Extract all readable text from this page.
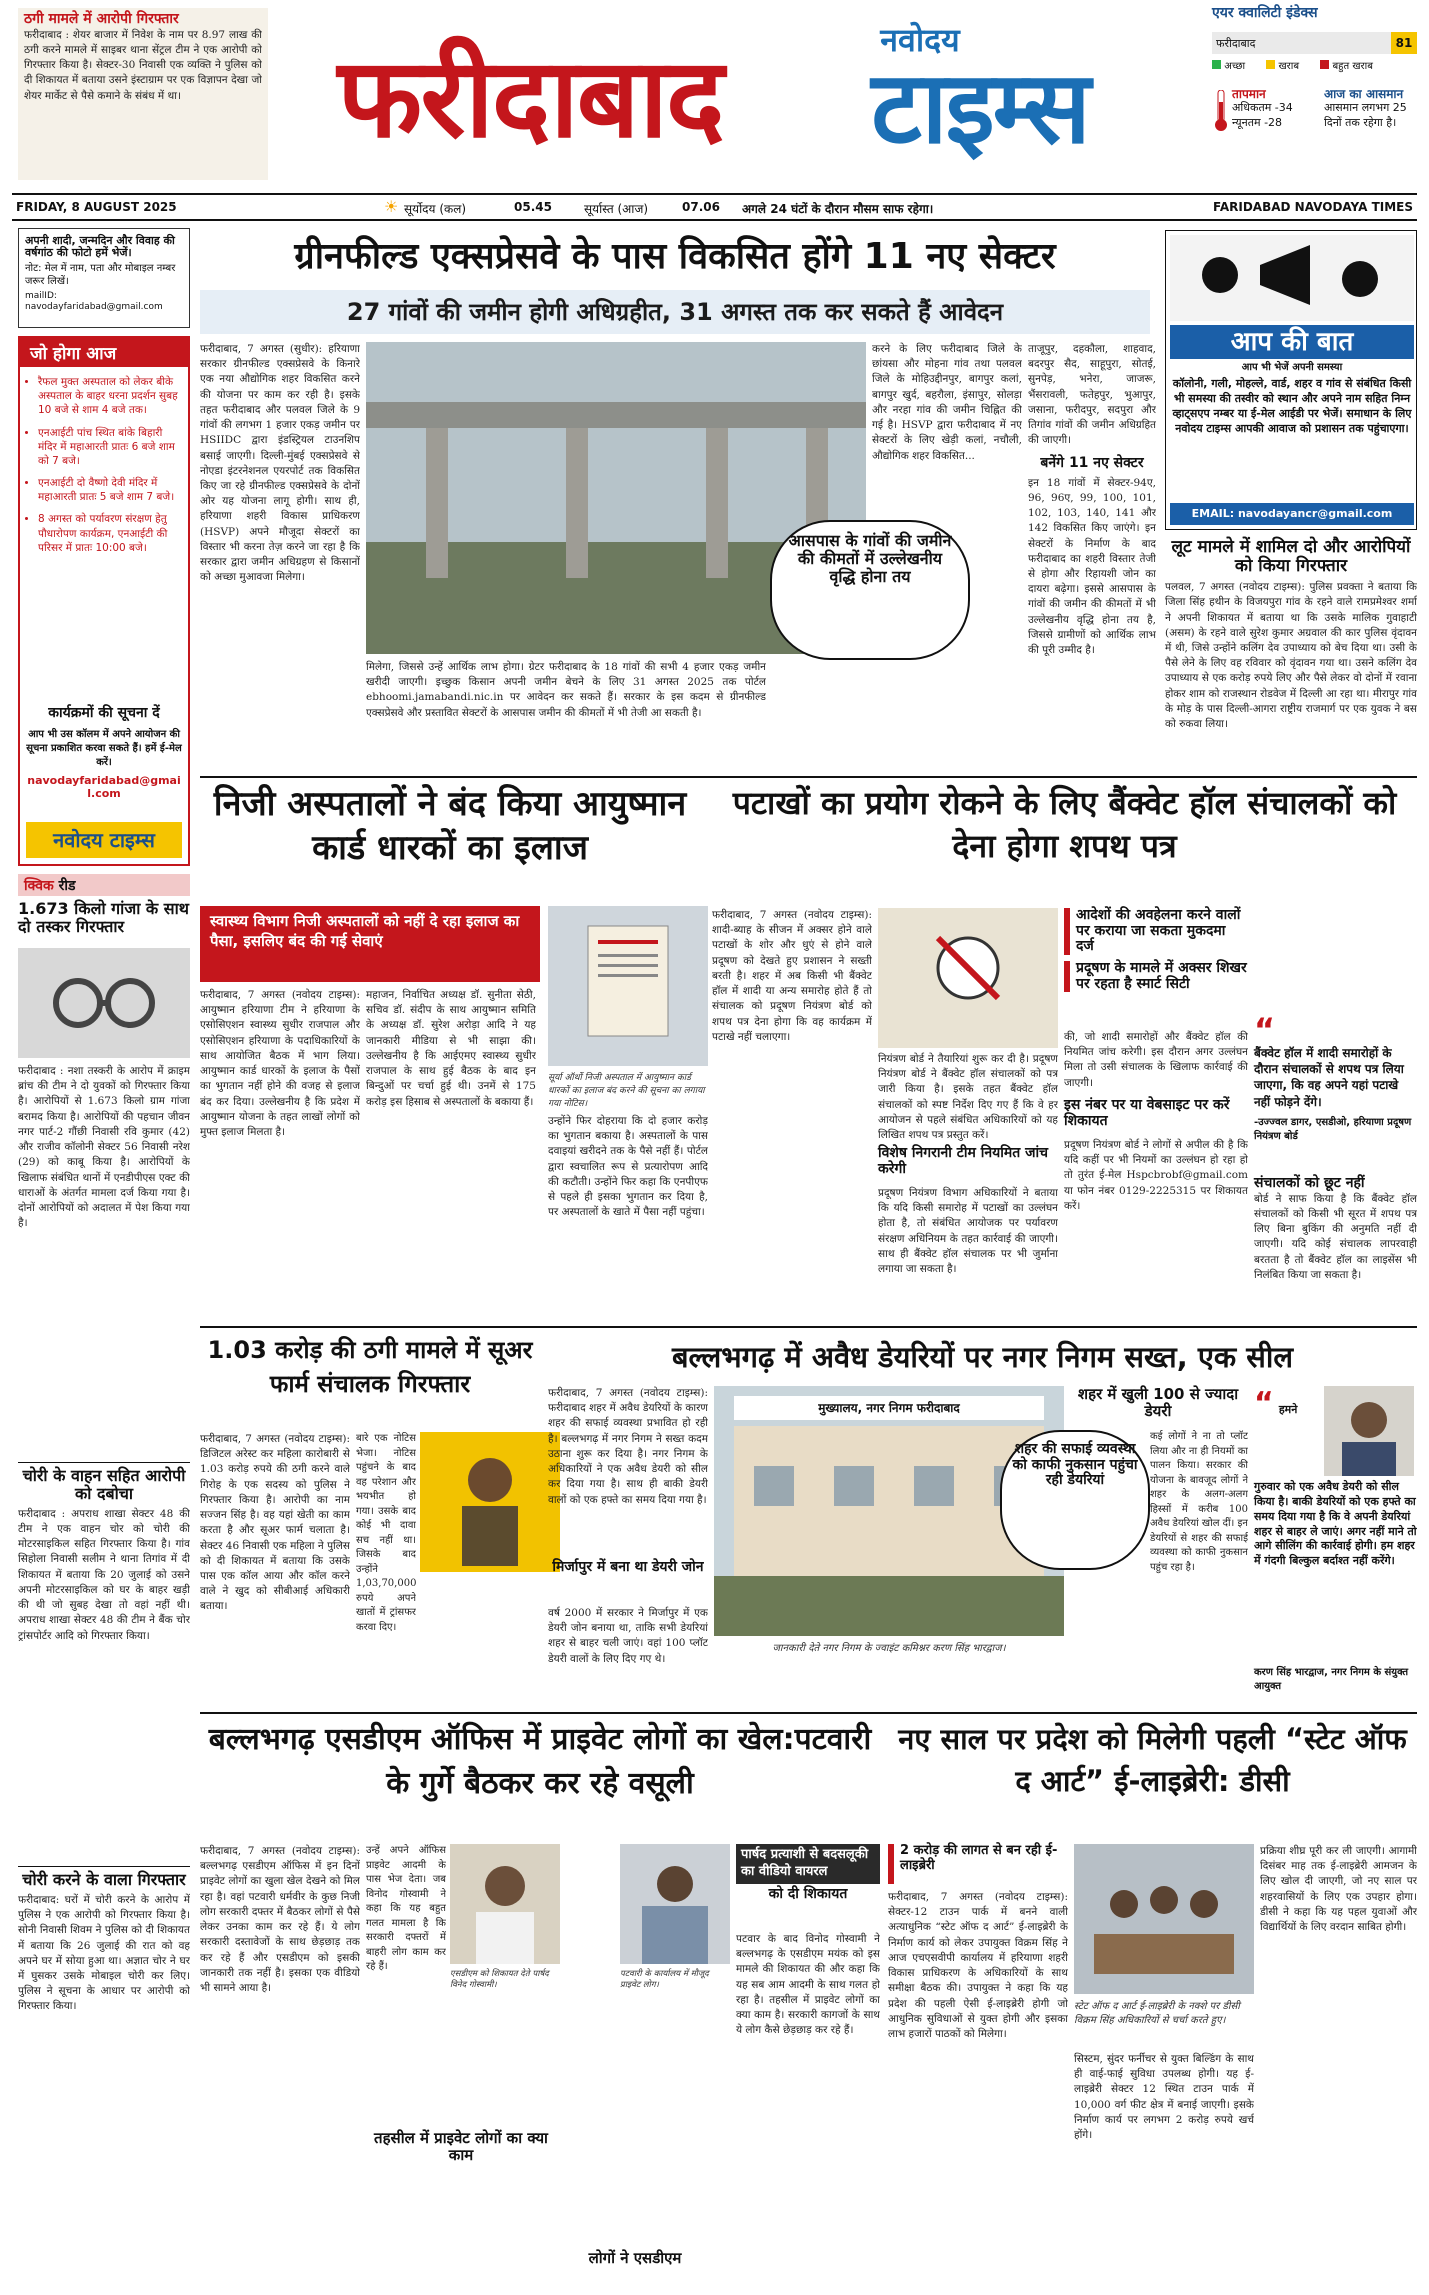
ठगी मामले में आरोपी गिरफ्तार
फरीदाबाद : शेयर बाजार में निवेश के नाम पर 8.97 लाख की ठगी करने मामले में साइबर थाना सेंट्रल टीम ने एक आरोपी को गिरफ्तार किया है। सेक्टर-30 निवासी एक व्यक्ति ने पुलिस को दी शिकायत में बताया उसने इंस्टाग्राम पर एक विज्ञापन देखा जो शेयर मार्केट से पैसे कमाने के संबंध में था।	फरीदाबाद	नवोदय
टाइम्स
एयर क्वालिटी इंडेक्स
फरीदाबाद	81
अच्छा	खराब	बहुत खराब
तापमान
अधिकतम -34
न्यूनतम -28
आज का आसमान
आसमान लगभग 25 दिनों तक रहेगा है।
FRIDAY, 8 AUGUST 2025	☀ सूर्योदय (कल)	05.45	सूर्यास्त (आज)	07.06 अगले 24 घंटों के दौरान मौसम साफ रहेगा।	FARIDABAD NAVODAYA TIMES
अपनी शादी, जन्मदिन और विवाह की वर्षगांठ की फोटो हमें भेजें।
नोट: मेल में नाम, पता और मोबाइल नम्बर जरूर लिखें।
mailID: navodayfaridabad@gmail.com
जो होगा आज
• रैफल मुक्त अस्पताल को लेकर बीके अस्पताल के बाहर धरना प्रदर्शन सुबह 10 बजे से शाम 4 बजे तक।
• एनआईटी पांच स्थित बांके बिहारी मंदिर में महाआरती प्रातः 6 बजे शाम को 7 बजे।
• एनआईटी दो वैष्णो देवी मंदिर में महाआरती प्रातः 5 बजे शाम 7 बजे।
• 8 अगस्त को पर्यावरण संरक्षण हेतु पौधारोपण कार्यक्रम, एनआईटी की परिसर में प्रातः 10:00 बजे।
कार्यक्रमों की सूचना दें
आप भी उस कॉलम में अपने आयोजन की सूचना प्रकाशित करवा सकते हैं। हमें ई-मेल करें।
navodayfaridabad@gmail.com
नवोदय टाइम्स
क्विक रीड
1.673 किलो गांजा के साथ दो तस्कर गिरफ्तार
फरीदाबाद : नशा तस्करी के आरोप में क्राइम ब्रांच की टीम ने दो युवकों को गिरफ्तार किया है। आरोपियों से 1.673 किलो ग्राम गांजा बरामद किया है। आरोपियों की पहचान जीवन नगर पार्ट-2 गौंछी निवासी रवि कुमार (42) और राजीव कॉलोनी सेक्टर 56 निवासी नरेश (29) को काबू किया है। आरोपियों के खिलाफ संबंधित थानों में एनडीपीएस एक्ट की धाराओं के अंतर्गत मामला दर्ज किया गया है। दोनों आरोपियों को अदालत में पेश किया गया है।
चोरी के वाहन सहित आरोपी को दबोचा
फरीदाबाद : अपराध शाखा सेक्टर 48 की टीम ने एक वाहन चोर को चोरी की मोटरसाइकिल सहित गिरफ्तार किया है। गांव सिहोला निवासी सलीम ने थाना तिगांव में दी शिकायत में बताया कि 20 जुलाई को उसने अपनी मोटरसाइकिल को घर के बाहर खड़ी की थी जो सुबह देखा तो वहां नहीं थी। अपराध शाखा सेक्टर 48 की टीम ने बैंक चोर ट्रांसपोर्टर आदि को गिरफ्तार किया।
चोरी करने के वाला गिरफ्तार
फरीदाबाद: घरों में चोरी करने के आरोप में पुलिस ने एक आरोपी को गिरफ्तार किया है। सोनी निवासी शिवम ने पुलिस को दी शिकायत में बताया कि 26 जुलाई की रात को वह अपने घर में सोया हुआ था। अज्ञात चोर ने घर में घुसकर उसके मोबाइल चोरी कर लिए। पुलिस ने सूचना के आधार पर आरोपी को गिरफ्तार किया।
ग्रीनफील्ड एक्सप्रेसवे के पास विकसित होंगे 11 नए सेक्टर
27 गांवों की जमीन होगी अधिग्रहीत, 31 अगस्त तक कर सकते हैं आवेदन
फरीदाबाद, 7 अगस्त (सुधीर): हरियाणा सरकार ग्रीनफील्ड एक्सप्रेसवे के किनारे एक नया औद्योगिक शहर विकसित करने की योजना पर काम कर रही है। इसके तहत फरीदाबाद और पलवल जिले के 9 गांवों की लगभग 1 हजार एकड़ जमीन पर HSIIDC द्वारा इंडस्ट्रियल टाउनशिप बसाई जाएगी। दिल्ली-मुंबई एक्सप्रेसवे से नोएडा इंटरनेशनल एयरपोर्ट तक विकसित किए जा रहे ग्रीनफील्ड एक्सप्रेसवे के दोनों ओर यह योजना लागू होगी। साथ ही, हरियाणा शहरी विकास प्राधिकरण (HSVP) अपने मौजूदा सेक्टरों का विस्तार भी करना तेज़ करने जा रहा है कि सरकार द्वारा जमीन अधिग्रहण से किसानों को अच्छा मुआवजा मिलेगा।
आसपास के गांवों की जमीन की कीमतों में उल्लेखनीय वृद्धि होना तय
मिलेगा, जिससे उन्हें आर्थिक लाभ होगा। ग्रेटर फरीदाबाद के 18 गांवों की सभी 4 हजार एकड़ जमीन खरीदी जाएगी। इच्छुक किसान अपनी जमीन बेचने के लिए 31 अगस्त 2025 तक पोर्टल ebhoomi.jamabandi.nic.in पर आवेदन कर सकते हैं। सरकार के इस कदम से ग्रीनफील्ड एक्सप्रेसवे और प्रस्तावित सेक्टरों के आसपास जमीन की कीमतों में भी तेजी आ सकती है।
करने के लिए फरीदाबाद जिले के छांयसा और मोहना गांव तथा पलवल जिले के मोहिउद्दीनपुर, बागपुर कलां, बागपुर खुर्द, बहरौला, इंसापुर, सोलड़ा और नरहा गांव की जमीन चिह्नित की गई है। HSVP द्वारा फरीदाबाद में नए सेक्टरों के लिए खेड़ी कलां, नचौली, औद्योगिक शहर विकसित...
ताजूपुर, दहकौला, शाहवाद, बदरपुर सैद, साहूपुरा, सोतई, सुनपेड़, भनेरा, जाजरू, भैंसरावली, फतेहपुर, भुआपुर, जसाना, फरीदपुर, सदपुरा और तिगांव गांवों की जमीन अधिग्रहित की जाएगी।
बनेंगे 11 नए सेक्टर
इन 18 गांवों में सेक्टर-94ए, 96, 96ए, 99, 100, 101, 102, 103, 140, 141 और 142 विकसित किए जाएंगे। इन सेक्टरों के निर्माण के बाद फरीदाबाद का शहरी विस्तार तेजी से होगा और रिहायशी जोन का दायरा बढ़ेगा। इससे आसपास के गांवों की जमीन की कीमतों में भी उल्लेखनीय वृद्धि होना तय है, जिससे ग्रामीणों को आर्थिक लाभ की पूरी उम्मीद है।
आप की बात
आप भी भेजें अपनी समस्या
कॉलोनी, गली, मोहल्ले, वार्ड, शहर व गांव से संबंधित किसी भी समस्या की तस्वीर को स्थान और अपने नाम सहित निम्न व्हाट्सएप नम्बर या ई-मेल आईडी पर भेजें। समाधान के लिए नवोदय टाइम्स आपकी आवाज को प्रशासन तक पहुंचाएगा।
EMAIL: navodayancr@gmail.com
लूट मामले में शामिल दो और आरोपियों को किया गिरफ्तार
पलवल, 7 अगस्त (नवोदय टाइम्स): पुलिस प्रवक्ता ने बताया कि जिला सिंह हथीन के विजयपुरा गांव के रहने वाले रामप्रमेश्वर शर्मा ने अपनी शिकायत में बताया था कि उसके मालिक गुवाहाटी (असम) के रहने वाले सुरेश कुमार अग्रवाल की कार पुलिस वृंदावन में थी, जिसे उन्होंने कलिंग देव उपाध्याय को बेच दिया था। उसी के पैसे लेने के लिए वह रविवार को वृंदावन गया था। उसने कलिंग देव उपाध्याय से एक करोड़ रुपये लिए और पैसे लेकर वो दोनों में रवाना होकर शाम को राजस्थान रोडवेज में दिल्ली आ रहा था। मीरापुर गांव के मोड़ के पास दिल्ली-आगरा राष्ट्रीय राजमार्ग पर एक युवक ने बस को रुकवा लिया।
निजी अस्पतालों ने बंद किया आयुष्मान कार्ड धारकों का इलाज
स्वास्थ्य विभाग निजी अस्पतालों को नहीं दे रहा इलाज का पैसा, इसलिए बंद की गई सेवाएं
फरीदाबाद, 7 अगस्त (नवोदय टाइम्स): आयुष्मान हरियाणा टीम ने हरियाणा के एसोसिएशन स्वास्थ्य सुधीर राजपाल और एसोसिएशन हरियाणा के पदाधिकारियों के साथ आयोजित बैठक में भाग लिया। आयुष्मान कार्ड धारकों के इलाज के पैसों का भुगतान नहीं होने की वजह से इलाज बंद कर दिया। उल्लेखनीय है कि प्रदेश में आयुष्मान योजना के तहत लाखों लोगों को मुफ्त इलाज मिलता है।
महाजन, निर्वाचित अध्यक्ष डॉ. सुनीता सेठी, सचिव डॉ. संदीप के साथ आयुष्मान समिति के अध्यक्ष डॉ. सुरेश अरोड़ा आदि ने यह जानकारी मीडिया से भी साझा की। उल्लेखनीय है कि आईएमए स्वास्थ्य सुधीर राजपाल के साथ हुई बैठक के बाद इन बिन्दुओं पर चर्चा हुई थी। उनमें से 175 करोड़ इस हिसाब से अस्पतालों के बकाया हैं।
सूर्या ऑर्थो निजी अस्पताल में आयुष्मान कार्ड धारकों का इलाज बंद करने की सूचना का लगाया गया नोटिस।
उन्होंने फिर दोहराया कि दो हजार करोड़ का भुगतान बकाया है। अस्पतालों के पास दवाइयां खरीदने तक के पैसे नहीं हैं। पोर्टल द्वारा स्वचालित रूप से प्रत्यारोपण आदि की कटौती। उन्होंने फिर कहा कि एनपीएफ से पहले ही इसका भुगतान कर दिया है, पर अस्पतालों के खाते में पैसा नहीं पहुंचा।
पटाखों का प्रयोग रोकने के लिए बैंक्वेट हॉल संचालकों को देना होगा शपथ पत्र
फरीदाबाद, 7 अगस्त (नवोदय टाइम्स): शादी-ब्याह के सीजन में अक्सर होने वाले पटाखों के शोर और धुएं से होने वाले प्रदूषण को देखते हुए प्रशासन ने सख्ती बरती है। शहर में अब किसी भी बैंक्वेट हॉल में शादी या अन्य समारोह होते हैं तो संचालक को प्रदूषण नियंत्रण बोर्ड को शपथ पत्र देना होगा कि वह कार्यक्रम में पटाखे नहीं चलाएगा।
नियंत्रण बोर्ड ने तैयारियां शुरू कर दी है। प्रदूषण नियंत्रण बोर्ड ने बैंक्वेट हॉल संचालकों को पत्र जारी किया है। इसके तहत बैंक्वेट हॉल संचालकों को स्पष्ट निर्देश दिए गए हैं कि वे हर आयोजन से पहले संबंधित अधिकारियों को यह लिखित शपथ पत्र प्रस्तुत करें।
विशेष निगरानी टीम नियमित जांच करेगी
प्रदूषण नियंत्रण विभाग अधिकारियों ने बताया कि यदि किसी समारोह में पटाखों का उल्लंघन होता है, तो संबंधित आयोजक पर पर्यावरण संरक्षण अधिनियम के तहत कार्रवाई की जाएगी। साथ ही बैंक्वेट हॉल संचालक पर भी जुर्माना लगाया जा सकता है।
आदेशों की अवहेलना करने वालों पर कराया जा सकता मुकदमा दर्ज
प्रदूषण के मामले में अक्सर शिखर पर रहता है स्मार्ट सिटी
की, जो शादी समारोहों और बैंक्वेट हॉल की नियमित जांच करेगी। इस दौरान अगर उल्लंघन मिला तो उसी संचालक के खिलाफ कार्रवाई की जाएगी।
इस नंबर पर या वेबसाइट पर करें शिकायत
प्रदूषण नियंत्रण बोर्ड ने लोगों से अपील की है कि यदि कहीं पर भी नियमों का उल्लंघन हो रहा हो तो तुरंत ई-मेल Hspcbrobf@gmail.com या फोन नंबर 0129-2225315 पर शिकायत करें।
“
बैंक्वेट हॉल में शादी समारोहों के दौरान संचालकों से शपथ पत्र लिया जाएगा, कि वह अपने यहां पटाखे नहीं फोड़ने देंगे।
-उज्ज्वल डागर, एसडीओ, हरियाणा प्रदूषण नियंत्रण बोर्ड
संचालकों को छूट नहीं
बोर्ड ने साफ किया है कि बैंक्वेट हॉल संचालकों को किसी भी सूरत में शपथ पत्र लिए बिना बुकिंग की अनुमति नहीं दी जाएगी। यदि कोई संचालक लापरवाही बरतता है तो बैंक्वेट हॉल का लाइसेंस भी निलंबित किया जा सकता है।
1.03 करोड़ की ठगी मामले में सूअर फार्म संचालक गिरफ्तार
फरीदाबाद, 7 अगस्त (नवोदय टाइम्स): डिजिटल अरेस्ट कर महिला कारोबारी से 1.03 करोड़ रुपये की ठगी करने वाले गिरोह के एक सदस्य को पुलिस ने गिरफ्तार किया है। आरोपी का नाम सज्जन सिंह है। वह यहां खेती का काम करता है और सूअर फार्म चलाता है। सेक्टर 46 निवासी एक महिला ने पुलिस को दी शिकायत में बताया कि उसके पास एक कॉल आया और कॉल करने वाले ने खुद को सीबीआई अधिकारी बताया।
बारे एक नोटिस भेजा। नोटिस पहुंचने के बाद वह परेशान और भयभीत हो गया। उसके बाद कोई भी दावा सच नहीं था। जिसके बाद उन्होंने 1,03,70,000 रुपये अपने खातों में ट्रांसफर करवा दिए।
बल्लभगढ़ में अवैध डेयरियों पर नगर निगम सख्त, एक सील
फरीदाबाद, 7 अगस्त (नवोदय टाइम्स): फरीदाबाद शहर में अवैध डेयरियों के कारण शहर की सफाई व्यवस्था प्रभावित हो रही है। बल्लभगढ़ में नगर निगम ने सख्त कदम उठाना शुरू कर दिया है। नगर निगम के अधिकारियों ने एक अवैध डेयरी को सील कर दिया गया है। साथ ही बाकी डेयरी वालों को एक हफ्ते का समय दिया गया है।
मिर्जापुर में बना था डेयरी जोन
वर्ष 2000 में सरकार ने मिर्जापुर में एक डेयरी जोन बनाया था, ताकि सभी डेयरियां शहर से बाहर चली जाएं। वहां 100 प्लॉट डेयरी वालों के लिए दिए गए थे।
मुख्यालय, नगर निगम फरीदाबाद
शहर की सफाई व्यवस्था को काफी नुकसान पहुंचा रही डेयरियां
जानकारी देते नगर निगम के ज्वाइंट कमिश्नर करण सिंह भारद्वाज।
शहर में खुली 100 से ज्यादा डेयरी
कई लोगों ने ना तो प्लॉट लिया और ना ही नियमों का पालन किया। सरकार की योजना के बावजूद लोगों ने शहर के अलग-अलग हिस्सों में करीब 100 अवैध डेयरियां खोल दीं। इन डेयरियों से शहर की सफाई व्यवस्था को काफी नुकसान पहुंच रहा है।
“ हमने
गुरुवार को एक अवैध डेयरी को सील किया है। बाकी डेयरियों को एक हफ्ते का समय दिया गया है कि वे अपनी डेयरियां शहर से बाहर ले जाएं। अगर नहीं माने तो आगे सीलिंग की कार्रवाई होगी। हम शहर में गंदगी बिल्कुल बर्दाश्त नहीं करेंगे।
करण सिंह भारद्वाज, नगर निगम के संयुक्त आयुक्त
बल्लभगढ़ एसडीएम ऑफिस में प्राइवेट लोगों का खेल:पटवारी के गुर्गे बैठकर कर रहे वसूली
फरीदाबाद, 7 अगस्त (नवोदय टाइम्स): बल्लभगढ़ एसडीएम ऑफिस में इन दिनों प्राइवेट लोगों का खुला खेल देखने को मिल रहा है। वहां पटवारी धर्मवीर के कुछ निजी लोग सरकारी दफ्तर में बैठकर लोगों से पैसे लेकर उनका काम कर रहे हैं। ये लोग सरकारी दस्तावेजों के साथ छेड़छाड़ तक कर रहे हैं और एसडीएम को इसकी जानकारी तक नहीं है। इसका एक वीडियो भी सामने आया है।
उन्हें अपने ऑफिस प्राइवेट आदमी के पास भेज देता। जब विनोद गोस्वामी ने कहा कि यह बहुत गलत मामला है कि सरकारी दफ्तरों में बाहरी लोग काम कर रहे हैं।
एसडीएम को शिकायत देते पार्षद विनेद गोस्वामी।
पटवारी के कार्यालय में मौजूद प्राइवेट लोग।
तहसील में प्राइवेट लोगों का क्या काम
लोगों ने एसडीएम
पार्षद प्रत्याशी से बदसलूकी का वीडियो वायरल
को दी शिकायत
पटवार के बाद विनोद गोस्वामी ने बल्लभगढ़ के एसडीएम मयंक को इस मामले की शिकायत की और कहा कि यह सब आम आदमी के साथ गलत हो रहा है। तहसील में प्राइवेट लोगों का क्या काम है। सरकारी कागजों के साथ ये लोग कैसे छेड़छाड़ कर रहे हैं।
नए साल पर प्रदेश को मिलेगी पहली “स्टेट ऑफ द आर्ट” ई-लाइब्रेरी: डीसी
2 करोड़ की लागत से बन रही ई-लाइब्रेरी
फरीदाबाद, 7 अगस्त (नवोदय टाइम्स): सेक्टर-12 टाउन पार्क में बनने वाली अत्याधुनिक “स्टेट ऑफ द आर्ट” ई-लाइब्रेरी के निर्माण कार्य को लेकर उपायुक्त विक्रम सिंह ने आज एचएसवीपी कार्यालय में हरियाणा शहरी विकास प्राधिकरण के अधिकारियों के साथ समीक्षा बैठक की। उपायुक्त ने कहा कि यह प्रदेश की पहली ऐसी ई-लाइब्रेरी होगी जो आधुनिक सुविधाओं से युक्त होगी और इसका लाभ हजारों पाठकों को मिलेगा।
स्टेट ऑफ द आर्ट ई-लाइब्रेरी के नक्शे पर डीसी विक्रम सिंह अधिकारियों से चर्चा करते हुए।
सिस्टम, सुंदर फर्नीचर से युक्त बिल्डिंग के साथ ही वाई-फाई सुविधा उपलब्ध होगी। यह ई-लाइब्रेरी सेक्टर 12 स्थित टाउन पार्क में 10,000 वर्ग फीट क्षेत्र में बनाई जाएगी। इसके निर्माण कार्य पर लगभग 2 करोड़ रुपये खर्च होंगे।
प्रक्रिया शीघ्र पूरी कर ली जाएगी। आगामी दिसंबर माह तक ई-लाइब्रेरी आमजन के लिए खोल दी जाएगी, जो नए साल पर शहरवासियों के लिए एक उपहार होगा। डीसी ने कहा कि यह पहल युवाओं और विद्यार्थियों के लिए वरदान साबित होगी।
